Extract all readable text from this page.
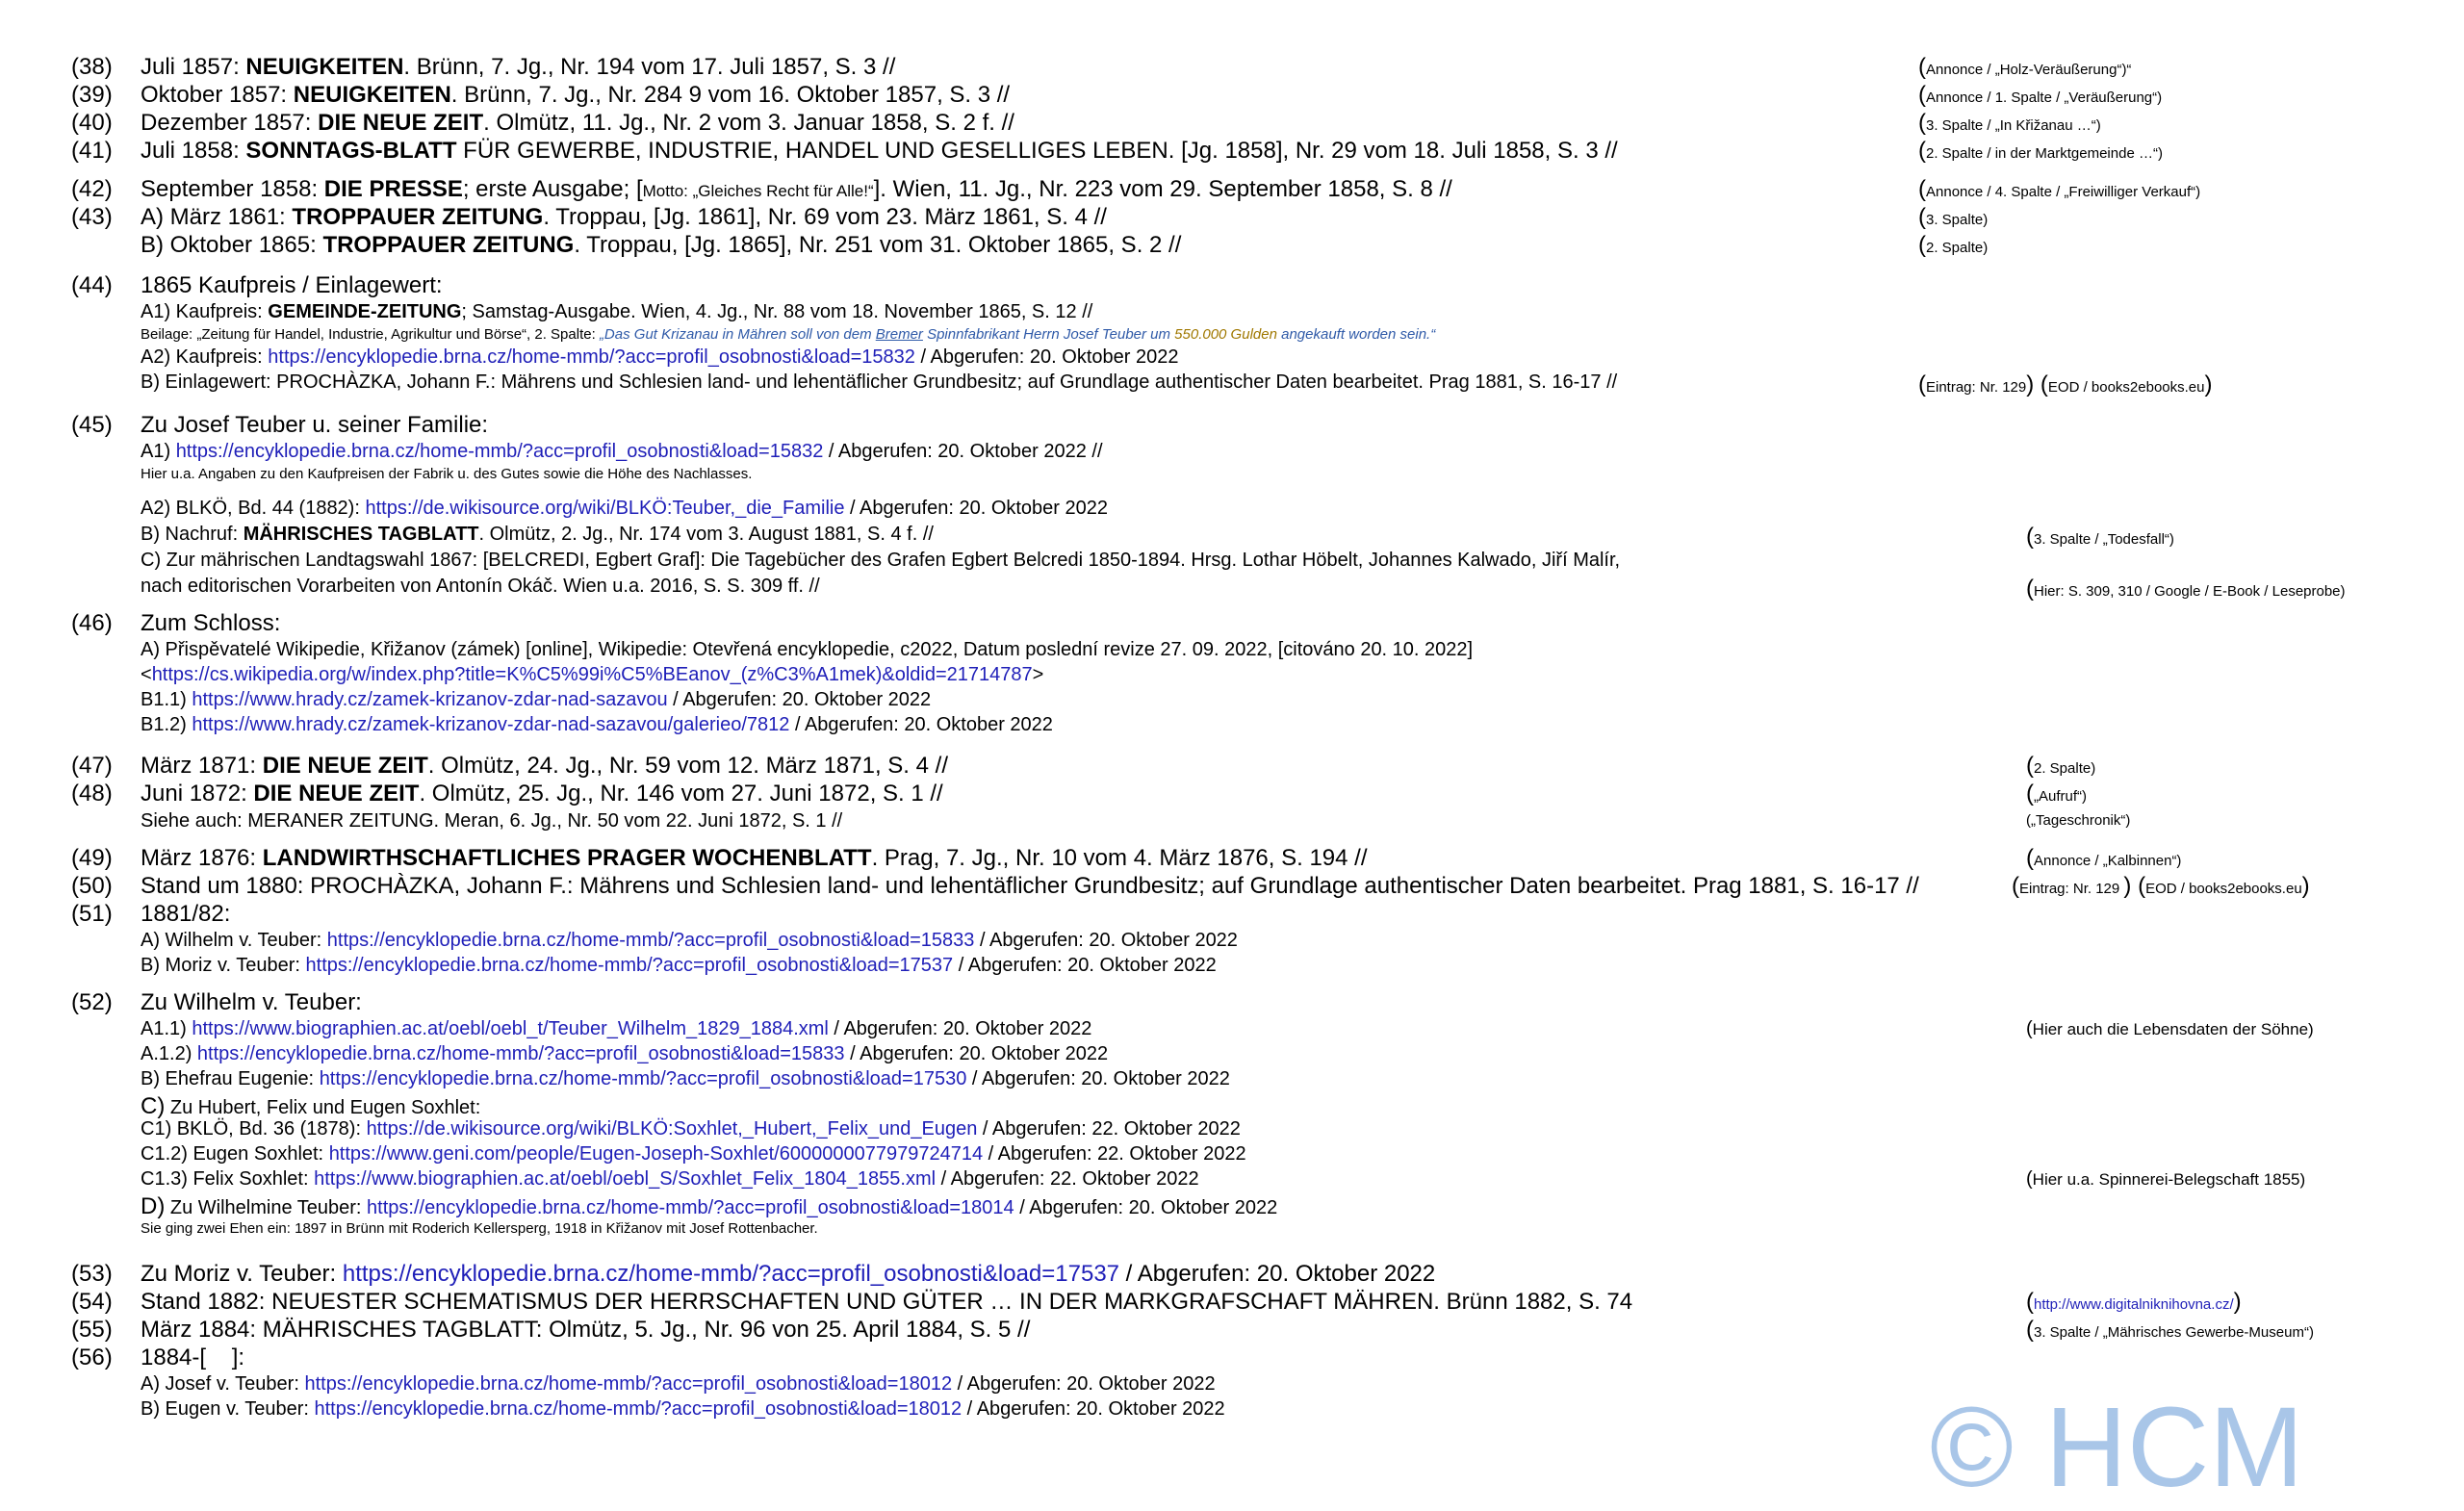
(38) Juli 1857: NEUIGKEITEN. Brünn, 7. Jg., Nr. 194 vom 17. Juli 1857, S. 3 //	(Annonce / „Holz-Veräußerung“)“
(39) Oktober 1857: NEUIGKEITEN. Brünn, 7. Jg., Nr. 284 9 vom 16. Oktober 1857, S. 3 //	(Annonce / 1. Spalte / „Veräußerung“)
(40) Dezember 1857: DIE NEUE ZEIT. Olmütz, 11. Jg., Nr. 2 vom 3. Januar 1858, S. 2 f. //	(3. Spalte / „In Křižanau …“)
(41) Juli 1858: SONNTAGS-BLATT FÜR GEWERBE, INDUSTRIE, HANDEL UND GESELLIGES LEBEN. [Jg. 1858], Nr. 29 vom 18. Juli 1858, S. 3 //	(2. Spalte / in der Marktgemeinde …“)
(42) September 1858: DIE PRESSE; erste Ausgabe; [Motto: „Gleiches Recht für Alle!“]. Wien, 11. Jg., Nr. 223 vom 29. September 1858, S. 8 //	(Annonce / 4. Spalte / „Freiwilliger Verkauf“)
(43) A) März 1861: TROPPAUER ZEITUNG. Troppau, [Jg. 1861], Nr. 69 vom 23. März 1861, S. 4 //	(3. Spalte)
B) Oktober 1865: TROPPAUER ZEITUNG. Troppau, [Jg. 1865], Nr. 251 vom 31. Oktober 1865, S. 2 //	(2. Spalte)
(44) 1865 Kaufpreis / Einlagewert:
A1) Kaufpreis: GEMEINDE-ZEITUNG; Samstag-Ausgabe. Wien, 4. Jg., Nr. 88 vom 18. November 1865, S. 12 //
Beilage: „Zeitung für Handel, Industrie, Agrikultur und Börse“, 2. Spalte: „Das Gut Krizanau in Mähren soll von dem Bremer Spinnfabrikant Herrn Josef Teuber um 550.000 Gulden angekauft worden sein.“
A2) Kaufpreis: https://encyklopedie.brna.cz/home-mmb/?acc=profil_osobnosti&load=15832 / Abgerufen: 20. Oktober 2022
B) Einlagewert: PROCHÀZKA, Johann F.: Mährens und Schlesien land- und lehentäflicher Grundbesitz; auf Grundlage authentischer Daten bearbeitet. Prag 1881, S. 16-17 //	(Eintrag: Nr. 129) (EOD / books2ebooks.eu)
(45) Zu Josef Teuber u. seiner Familie:
A1) https://encyklopedie.brna.cz/home-mmb/?acc=profil_osobnosti&load=15832 / Abgerufen: 20. Oktober 2022 //
Hier u.a. Angaben zu den Kaufpreisen der Fabrik u. des Gutes sowie die Höhe des Nachlasses.
A2) BLKÖ, Bd. 44 (1882): https://de.wikisource.org/wiki/BLKÖ:Teuber,_die_Familie / Abgerufen: 20. Oktober 2022
B) Nachruf: MÄHRISCHES TAGBLATT. Olmütz, 2. Jg., Nr. 174 vom 3. August 1881, S. 4 f. //	(3. Spalte / „Todesfall“)
C) Zur mährischen Landtagswahl 1867: [BELCREDI, Egbert Graf]: Die Tagebücher des Grafen Egbert Belcredi 1850-1894. Hrsg. Lothar Höbelt, Johannes Kalwado, Jiří Malír,
nach editorischen Vorarbeiten von Antonín Okáč. Wien u.a. 2016, S. S. 309 ff. //	(Hier: S. 309, 310 / Google / E-Book / Leseprobe)
(46) Zum Schloss:
A) Přispěvatelé Wikipedie, Křižanov (zámek) [online], Wikipedie: Otevřená encyklopedie, c2022, Datum poslední revize 27. 09. 2022, [citováno 20. 10. 2022]
<https://cs.wikipedia.org/w/index.php?title=K%C5%99i%C5%BEanov_(z%C3%A1mek)&oldid=21714787>
B1.1) https://www.hrady.cz/zamek-krizanov-zdar-nad-sazavou / Abgerufen: 20. Oktober 2022
B1.2) https://www.hrady.cz/zamek-krizanov-zdar-nad-sazavou/galerieo/7812 / Abgerufen: 20. Oktober 2022
(47) März 1871: DIE NEUE ZEIT. Olmütz, 24. Jg., Nr. 59 vom 12. März 1871, S. 4 //	(2. Spalte)
(48) Juni 1872: DIE NEUE ZEIT. Olmütz, 25. Jg., Nr. 146 vom 27. Juni 1872, S. 1 //	(„Aufruf“)
Siehe auch: MERANER ZEITUNG. Meran, 6. Jg., Nr. 50 vom 22. Juni 1872, S. 1 //	(„Tageschronik“)
(49) März 1876: LANDWIRTHSCHAFTLICHES PRAGER WOCHENBLATT. Prag, 7. Jg., Nr. 10 vom 4. März 1876, S. 194 //	(Annonce / „Kalbinnen“)
(50) Stand um 1880: PROCHÀZKA, Johann F.: Mährens und Schlesien land- und lehentäflicher Grundbesitz; auf Grundlage authentischer Daten bearbeitet. Prag 1881, S. 16-17 //	(Eintrag: Nr. 129 ) (EOD / books2ebooks.eu)
(51) 1881/82:
A) Wilhelm v. Teuber: https://encyklopedie.brna.cz/home-mmb/?acc=profil_osobnosti&load=15833 / Abgerufen: 20. Oktober 2022
B) Moriz v. Teuber: https://encyklopedie.brna.cz/home-mmb/?acc=profil_osobnosti&load=17537 / Abgerufen: 20. Oktober 2022
(52) Zu Wilhelm v. Teuber:
A1.1) https://www.biographien.ac.at/oebl/oebl_t/Teuber_Wilhelm_1829_1884.xml / Abgerufen: 20. Oktober 2022	(Hier auch die Lebensdaten der Söhne)
A.1.2) https://encyklopedie.brna.cz/home-mmb/?acc=profil_osobnosti&load=15833 / Abgerufen: 20. Oktober 2022
B) Ehefrau Eugenie: https://encyklopedie.brna.cz/home-mmb/?acc=profil_osobnosti&load=17530 / Abgerufen: 20. Oktober 2022
C) Zu Hubert, Felix und Eugen Soxhlet:
C1) BKLÖ, Bd. 36 (1878): https://de.wikisource.org/wiki/BLKÖ:Soxhlet,_Hubert,_Felix_und_Eugen / Abgerufen: 22. Oktober 2022
C1.2) Eugen Soxhlet: https://www.geni.com/people/Eugen-Joseph-Soxhlet/6000000077979724714 / Abgerufen: 22. Oktober 2022
C1.3) Felix Soxhlet: https://www.biographien.ac.at/oebl/oebl_S/Soxhlet_Felix_1804_1855.xml / Abgerufen: 22. Oktober 2022	(Hier u.a. Spinnerei-Belegschaft 1855)
D) Zu Wilhelmine Teuber: https://encyklopedie.brna.cz/home-mmb/?acc=profil_osobnosti&load=18014 / Abgerufen: 20. Oktober 2022
Sie ging zwei Ehen ein: 1897 in Brünn mit Roderich Kellersperg, 1918 in Křižanov mit Josef Rottenbacher.
(53) Zu Moriz v. Teuber: https://encyklopedie.brna.cz/home-mmb/?acc=profil_osobnosti&load=17537 / Abgerufen: 20. Oktober 2022
(54) Stand 1882: NEUESTER SCHEMATISMUS DER HERRSCHAFTEN UND GÜTER … IN DER MARKGRAFSCHAFT MÄHREN. Brünn 1882, S. 74	(http://www.digitalniknihovna.cz/)
(55) März 1884: MÄHRISCHES TAGBLATT: Olmütz, 5. Jg., Nr. 96 von 25. April 1884, S. 5 //	(3. Spalte / „Mährisches Gewerbe-Museum“)
(56) 1884-[    ]:
A) Josef v. Teuber: https://encyklopedie.brna.cz/home-mmb/?acc=profil_osobnosti&load=18012 / Abgerufen: 20. Oktober 2022
B) Eugen v. Teuber: https://encyklopedie.brna.cz/home-mmb/?acc=profil_osobnosti&load=18012 / Abgerufen: 20. Oktober 2022	© HCM
